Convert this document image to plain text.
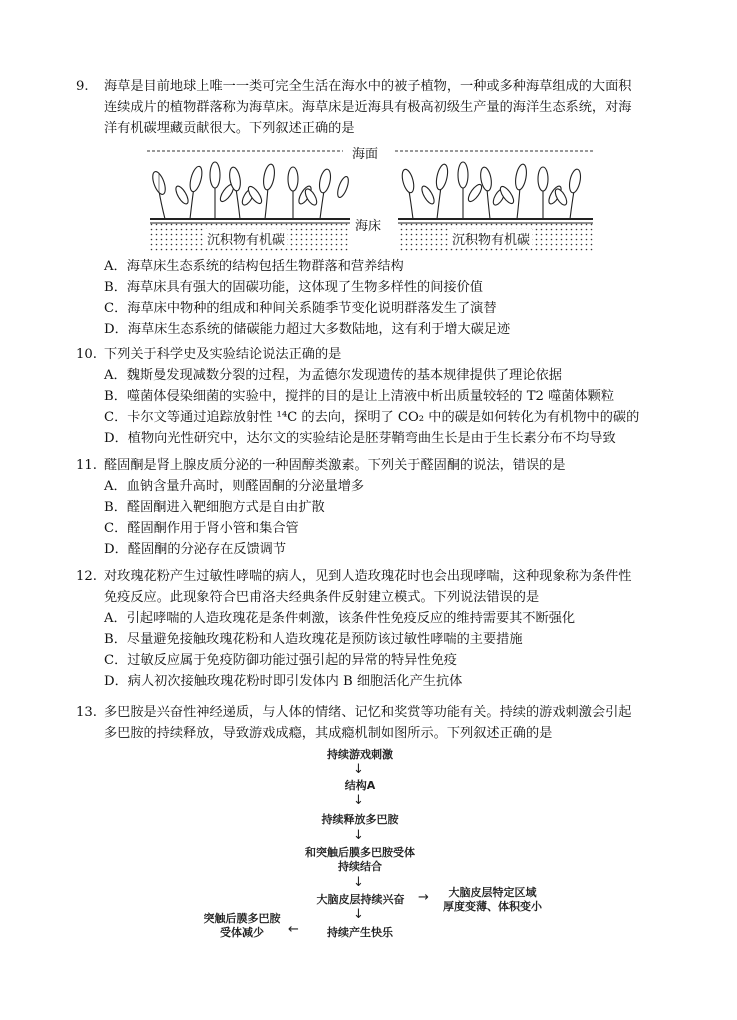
9.	海草是目前地球上唯一一类可完全生活在海水中的被子植物，一种或多种海草组成的大面积
连续成片的植物群落称为海草床。海草床是近海具有极高初级生产量的海洋生态系统，对海
洋有机碳埋藏贡献很大。下列叙述正确的是
海面
海床
沉积物有机碳	沉积物有机碳
A．海草床生态系统的结构包括生物群落和营养结构
B．海草床具有强大的固碳功能，这体现了生物多样性的间接价值
C．海草床中物种的组成和种间关系随季节变化说明群落发生了演替
D．海草床生态系统的储碳能力超过大多数陆地，这有利于增大碳足迹
10. 下列关于科学史及实验结论说法正确的是
A．魏斯曼发现减数分裂的过程，为孟德尔发现遗传的基本规律提供了理论依据
B．噬菌体侵染细菌的实验中，搅拌的目的是让上清液中析出质量较轻的 T2 噬菌体颗粒
C．卡尔文等通过追踪放射性 ¹⁴C 的去向，探明了 CO₂ 中的碳是如何转化为有机物中的碳的
D．植物向光性研究中，达尔文的实验结论是胚芽鞘弯曲生长是由于生长素分布不均导致
11. 醛固酮是肾上腺皮质分泌的一种固醇类激素。下列关于醛固酮的说法，错误的是
A．血钠含量升高时，则醛固酮的分泌量增多
B．醛固酮进入靶细胞方式是自由扩散
C．醛固酮作用于肾小管和集合管
D．醛固酮的分泌存在反馈调节
12. 对玫瑰花粉产生过敏性哮喘的病人，见到人造玫瑰花时也会出现哮喘，这种现象称为条件性
免疫反应。此现象符合巴甫洛夫经典条件反射建立模式。下列说法错误的是
A．引起哮喘的人造玫瑰花是条件刺激，该条件性免疫反应的维持需要其不断强化
B．尽量避免接触玫瑰花粉和人造玫瑰花是预防该过敏性哮喘的主要措施
C．过敏反应属于免疫防御功能过强引起的异常的特异性免疫
D．病人初次接触玫瑰花粉时即引发体内 B 细胞活化产生抗体
13. 多巴胺是兴奋性神经递质，与人体的情绪、记忆和奖赏等功能有关。持续的游戏刺激会引起
多巴胺的持续释放，导致游戏成瘾，其成瘾机制如图所示。下列叙述正确的是
持续游戏刺激
↓
结构A
↓
持续释放多巴胺
↓
和突触后膜多巴胺受体
持续结合
↓
大脑皮层持续兴奋	→	大脑皮层特定区域
厚度变薄、体积变小
↓
持续产生快乐
←
突触后膜多巴胺
受体减少
